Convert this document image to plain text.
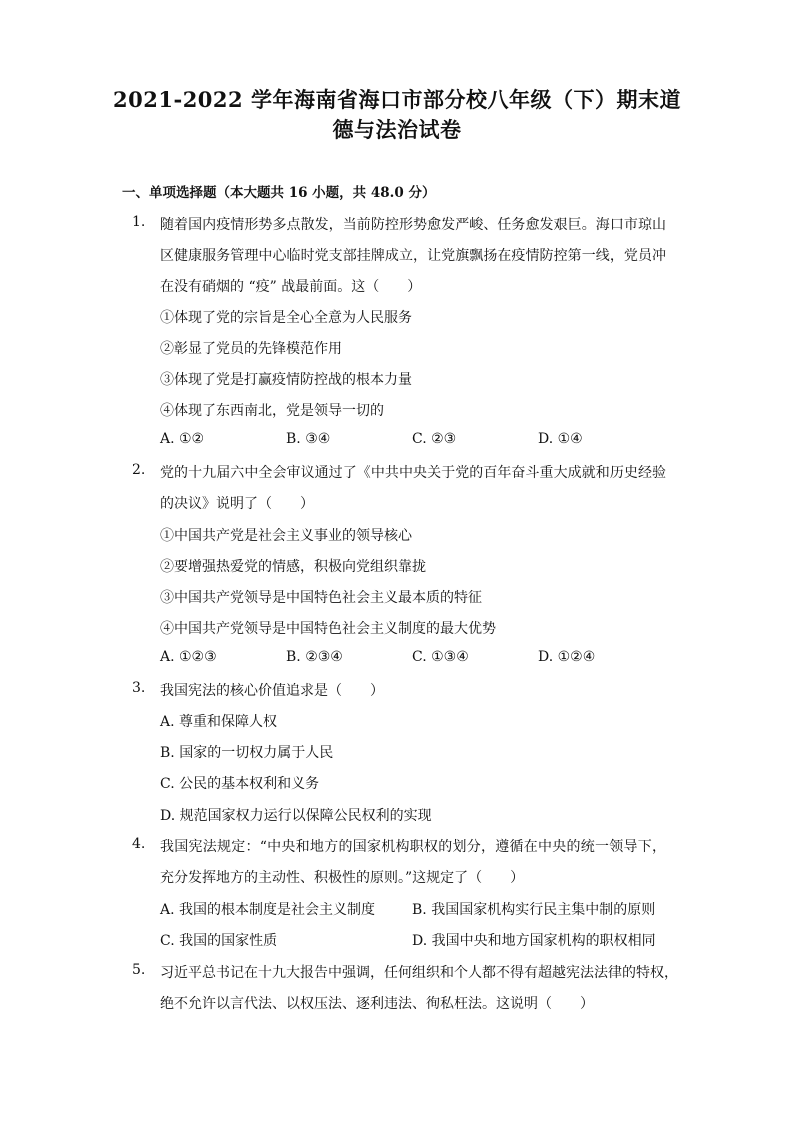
2021-2022 学年海南省海口市部分校八年级（下）期末道
德与法治试卷
一、单项选择题（本大题共 16 小题，共 48.0 分）
1. 随着国内疫情形势多点散发，当前防控形势愈发严峻、任务愈发艰巨。海口市琼山
区健康服务管理中心临时党支部挂牌成立，让党旗飘扬在疫情防控第一线，党员冲
在没有硝烟的 “疫” 战最前面。这（　　）
①体现了党的宗旨是全心全意为人民服务
②彰显了党员的先锋模范作用
③体现了党是打赢疫情防控战的根本力量
④体现了东西南北，党是领导一切的
A. ①②	B. ③④	C. ②③	D. ①④
2. 党的十九届六中全会审议通过了《中共中央关于党的百年奋斗重大成就和历史经验
的决议》说明了（　　）
①中国共产党是社会主义事业的领导核心
②要增强热爱党的情感，积极向党组织靠拢
③中国共产党领导是中国特色社会主义最本质的特征
④中国共产党领导是中国特色社会主义制度的最大优势
A. ①②③	B. ②③④	C. ①③④	D. ①②④
3. 我国宪法的核心价值追求是（　　）
A. 尊重和保障人权
B. 国家的一切权力属于人民
C. 公民的基本权利和义务
D. 规范国家权力运行以保障公民权利的实现
4. 我国宪法规定：“中央和地方的国家机构职权的划分，遵循在中央的统一领导下，
充分发挥地方的主动性、积极性的原则。”这规定了（　　）
A. 我国的根本制度是社会主义制度	B. 我国国家机构实行民主集中制的原则
C. 我国的国家性质	D. 我国中央和地方国家机构的职权相同
5. 习近平总书记在十九大报告中强调，任何组织和个人都不得有超越宪法法律的特权，
绝不允许以言代法、以权压法、逐利违法、徇私枉法。这说明（　　）
